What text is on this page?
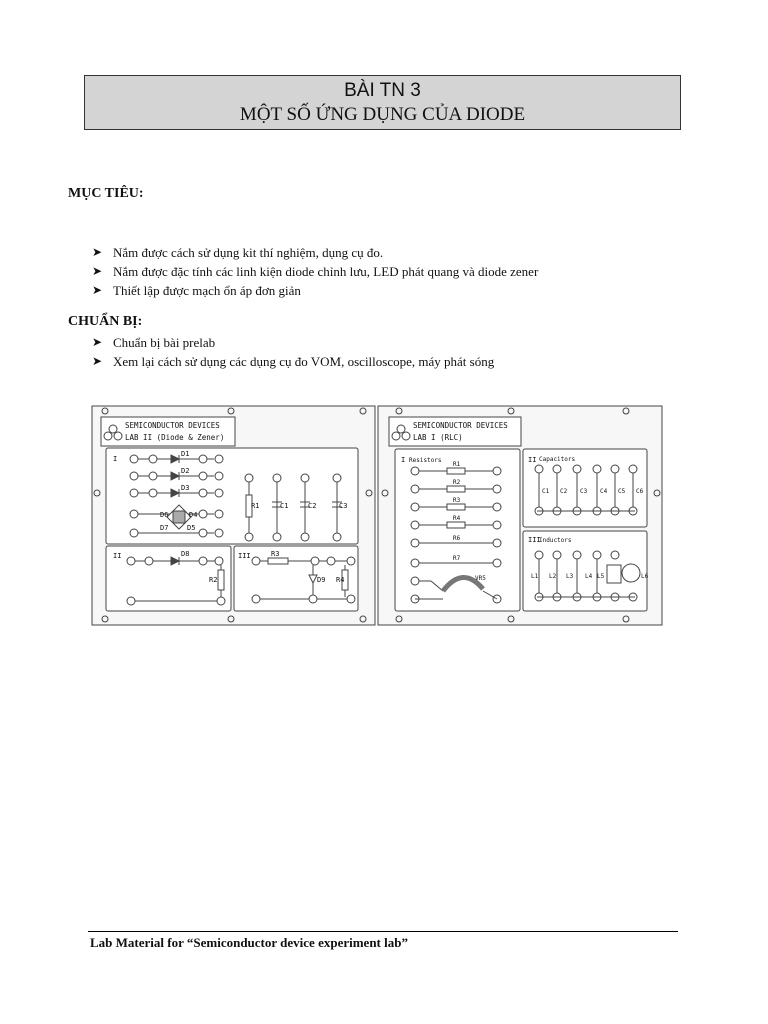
BÀI TN 3
MỘT SỐ ỨNG DỤNG CỦA DIODE
MỤC TIÊU:
➤ Nắm được cách sử dụng kit thí nghiệm, dụng cụ đo.
➤ Nắm được đặc tính các linh kiện diode chỉnh lưu, LED phát quang và diode zener
➤ Thiết lập được mạch ổn áp đơn giản
CHUẨN BỊ:
➤ Chuẩn bị bài prelab
➤ Xem lại cách sử dụng các dụng cụ đo VOM, oscilloscope, máy phát sóng
SEMICONDUCTOR DEVICES
LAB II (Diode & Zener)
I
II	III
D1
D2
D3
D6	D4
D7	D5
R1	C1	C2	C3
D8
R2
R3
D9 R4
SEMICONDUCTOR DEVICES
LAB I (RLC)
I Resistors	II Capacitors
III
Inductors
R1
R2
R3
R4
R6
R7
VR5
C1 C2 C3 C4 C5 C6
L1 L2 L3 L4 L5	L6
Lab Material for “Semiconductor device experiment lab”
